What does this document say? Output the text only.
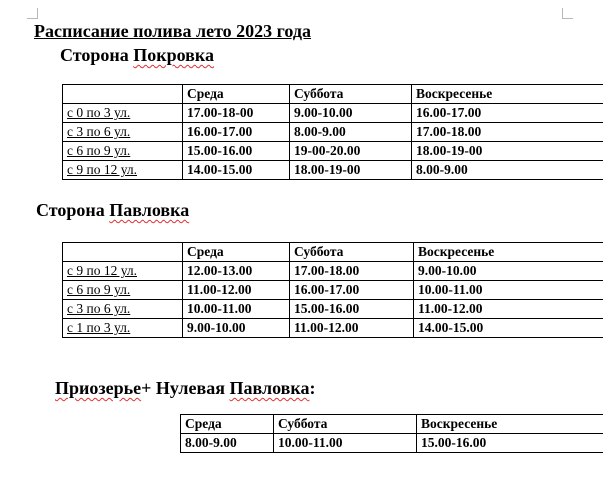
Расписание полива лето 2023 года
Сторона Покровка
	Среда	Суббота	Воскресенье
с 0 по 3 ул.	17.00-18-00	9.00-10.00	16.00-17.00
с 3 по 6 ул.	16.00-17.00	8.00-9.00	17.00-18.00
с 6 по 9 ул.	15.00-16.00	19-00-20.00	18.00-19-00
с 9 по 12 ул.	14.00-15.00	18.00-19-00	8.00-9.00
Сторона Павловка
	Среда	Суббота	Воскресенье
с 9 по 12 ул.	12.00-13.00	17.00-18.00	9.00-10.00
с 6 по 9 ул.	11.00-12.00	16.00-17.00	10.00-11.00
с 3 по 6 ул.	10.00-11.00	15.00-16.00	11.00-12.00
с 1 по 3 ул.	9.00-10.00	11.00-12.00	14.00-15.00
Приозерье+ Нулевая Павловка:
Среда	Суббота	Воскресенье
8.00-9.00	10.00-11.00	15.00-16.00
